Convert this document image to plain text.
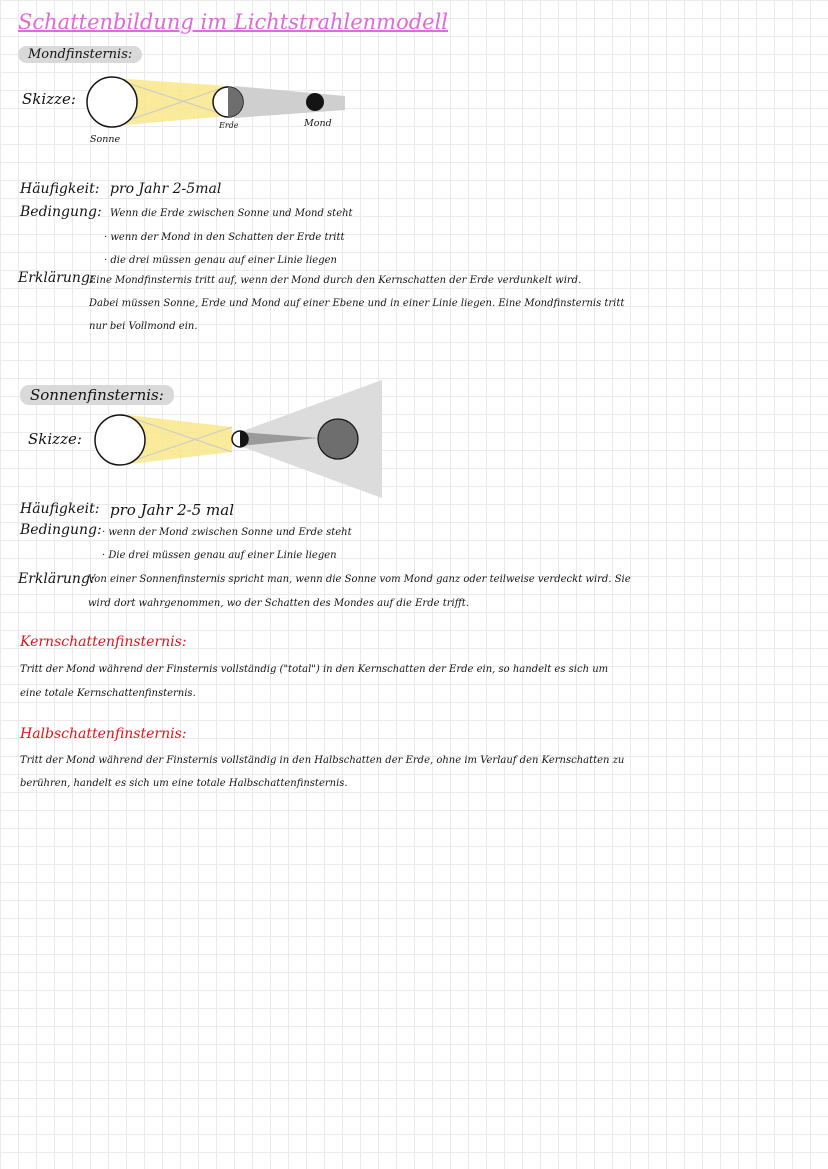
Schattenbildung im Lichtstrahlenmodell
Mondfinsternis:
Skizze:
Sonne
Erde	Mond
Häufigkeit: pro Jahr 2-5mal
Bedingung: Wenn die Erde zwischen Sonne und Mond steht
· wenn der Mond in den Schatten der Erde tritt
· die drei müssen genau auf einer Linie liegen
Erklärung:
Eine Mondfinsternis tritt auf, wenn der Mond durch den Kernschatten der Erde verdunkelt wird.
Dabei müssen Sonne, Erde und Mond auf einer Ebene und in einer Linie liegen. Eine Mondfinsternis tritt
nur bei Vollmond ein.
Sonnenfinsternis:
Skizze:
Häufigkeit: pro Jahr 2-5 mal
Bedingung: · wenn der Mond zwischen Sonne und Erde steht
· Die drei müssen genau auf einer Linie liegen
Erklärung:
Von einer Sonnenfinsternis spricht man, wenn die Sonne vom Mond ganz oder teilweise verdeckt wird. Sie
wird dort wahrgenommen, wo der Schatten des Mondes auf die Erde trifft.
Kernschattenfinsternis:
Tritt der Mond während der Finsternis vollständig ("total") in den Kernschatten der Erde ein, so handelt es sich um
eine totale Kernschattenfinsternis.
Halbschattenfinsternis:
Tritt der Mond während der Finsternis vollständig in den Halbschatten der Erde, ohne im Verlauf den Kernschatten zu
berühren, handelt es sich um eine totale Halbschattenfinsternis.
